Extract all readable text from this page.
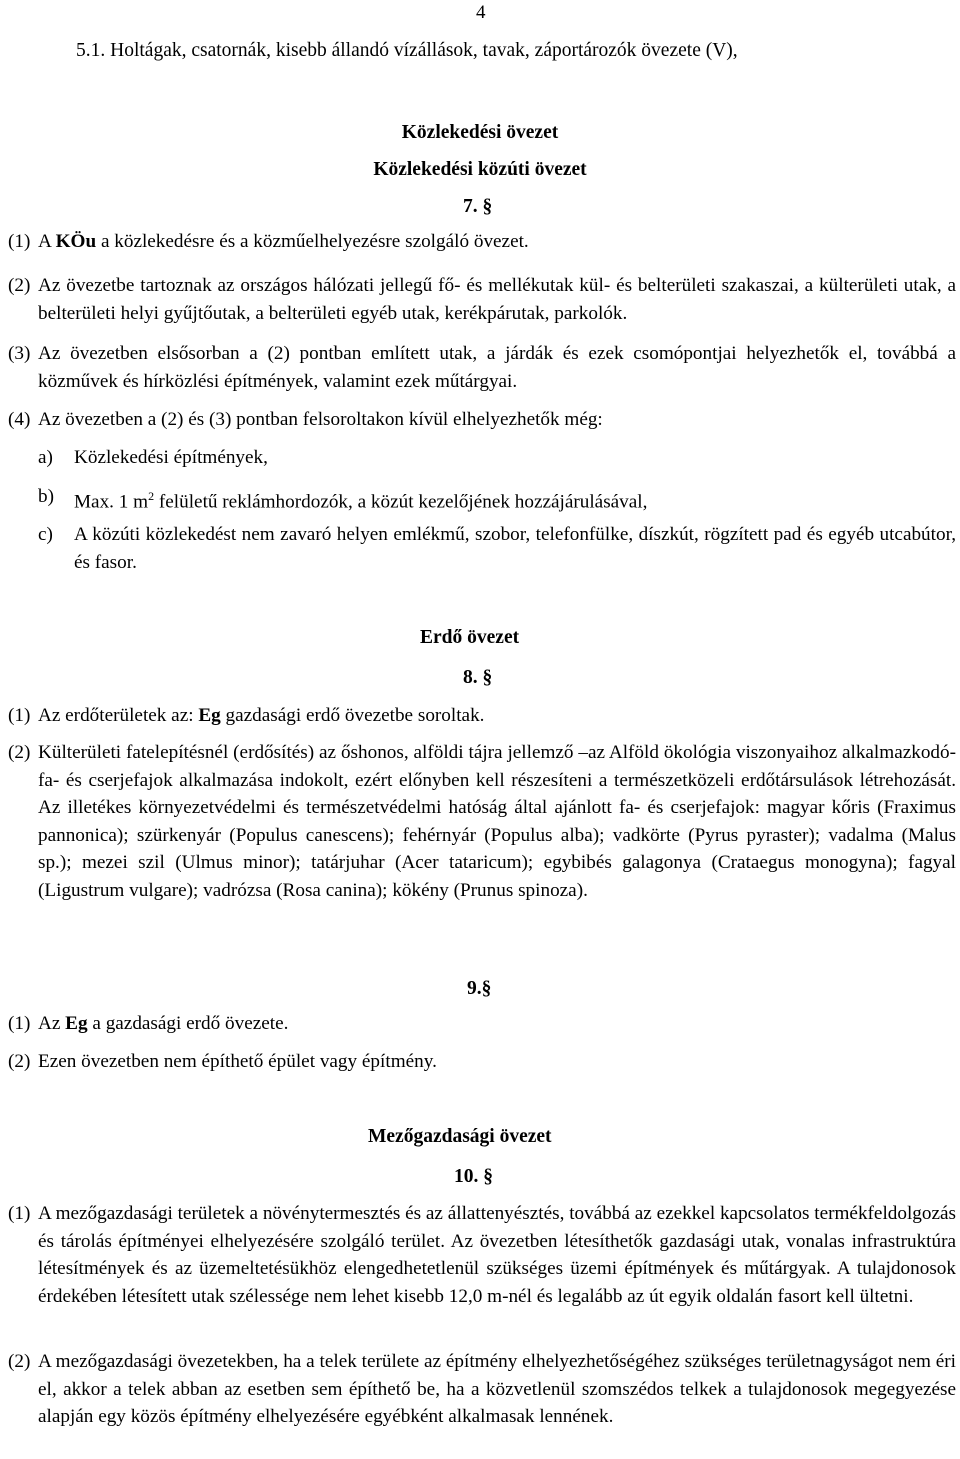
4
5.1. Holtágak, csatornák, kisebb állandó vízállások, tavak, záportározók övezete (V),
Közlekedési övezet
Közlekedési közúti övezet
7. §
(1) A KÖu a közlekedésre és a közműelhelyezésre szolgáló övezet.
(2) Az övezetbe tartoznak az országos hálózati jellegű fő- és mellékutak kül- és belterületi szakaszai, a külterületi utak, a belterületi helyi gyűjtőutak, a belterületi egyéb utak, kerékpárutak, parkolók.
(3) Az övezetben elsősorban a (2) pontban említett utak, a járdák és ezek csomópontjai helyezhetők el, továbbá a közművek és hírközlési építmények, valamint ezek műtárgyai.
(4) Az övezetben a (2) és (3) pontban felsoroltakon kívül elhelyezhetők még:
a)	Közlekedési építmények,
b)	Max. 1 $m^2$ felületű reklámhordozók, a közút kezelőjének hozzájárulásával,
c)	A közúti közlekedést nem zavaró helyen emlékmű, szobor, telefonfülke, díszkút, rögzített pad és egyéb utcabútor, és fasor.
Erdő övezet
8. §
(1) Az erdőterületek az: Eg gazdasági erdő övezetbe soroltak.
(2) Külterületi fatelepítésnél (erdősítés) az őshonos, alföldi tájra jellemző –az Alföld ökológia viszonyaihoz alkalmazkodó- fa- és cserjefajok alkalmazása indokolt, ezért előnyben kell részesíteni a természetközeli erdőtársulások létrehozását. Az illetékes környezetvédelmi és természetvédelmi hatóság által ajánlott fa- és cserjefajok: magyar kőris (Fraximus pannonica); szürkenyár (Populus canescens); fehérnyár (Populus alba); vadkörte (Pyrus pyraster); vadalma (Malus sp.); mezei szil (Ulmus minor); tatárjuhar (Acer tataricum); egybibés galagonya (Crataegus monogyna); fagyal (Ligustrum vulgare); vadrózsa (Rosa canina); kökény (Prunus spinoza).
9.§
(1) Az Eg a gazdasági erdő övezete.
(2) Ezen övezetben nem építhető épület vagy építmény.
Mezőgazdasági övezet
10. §
(1) A mezőgazdasági területek a növénytermesztés és az állattenyésztés, továbbá az ezekkel kapcsolatos termékfeldolgozás és tárolás építményei elhelyezésére szolgáló terület. Az övezetben létesíthetők gazdasági utak, vonalas infrastruktúra létesítmények és az üzemeltetésükhöz elengedhetetlenül szükséges üzemi építmények és műtárgyak. A tulajdonosok érdekében létesített utak szélessége nem lehet kisebb 12,0 m-nél és legalább az út egyik oldalán fasort kell ültetni.
(2) A mezőgazdasági övezetekben, ha a telek területe az építmény elhelyezhetőségéhez szükséges területnagyságot nem éri el, akkor a telek abban az esetben sem építhető be, ha a közvetlenül szomszédos telkek a tulajdonosok megegyezése alapján egy közös építmény elhelyezésére egyébként alkalmasak lennének.
